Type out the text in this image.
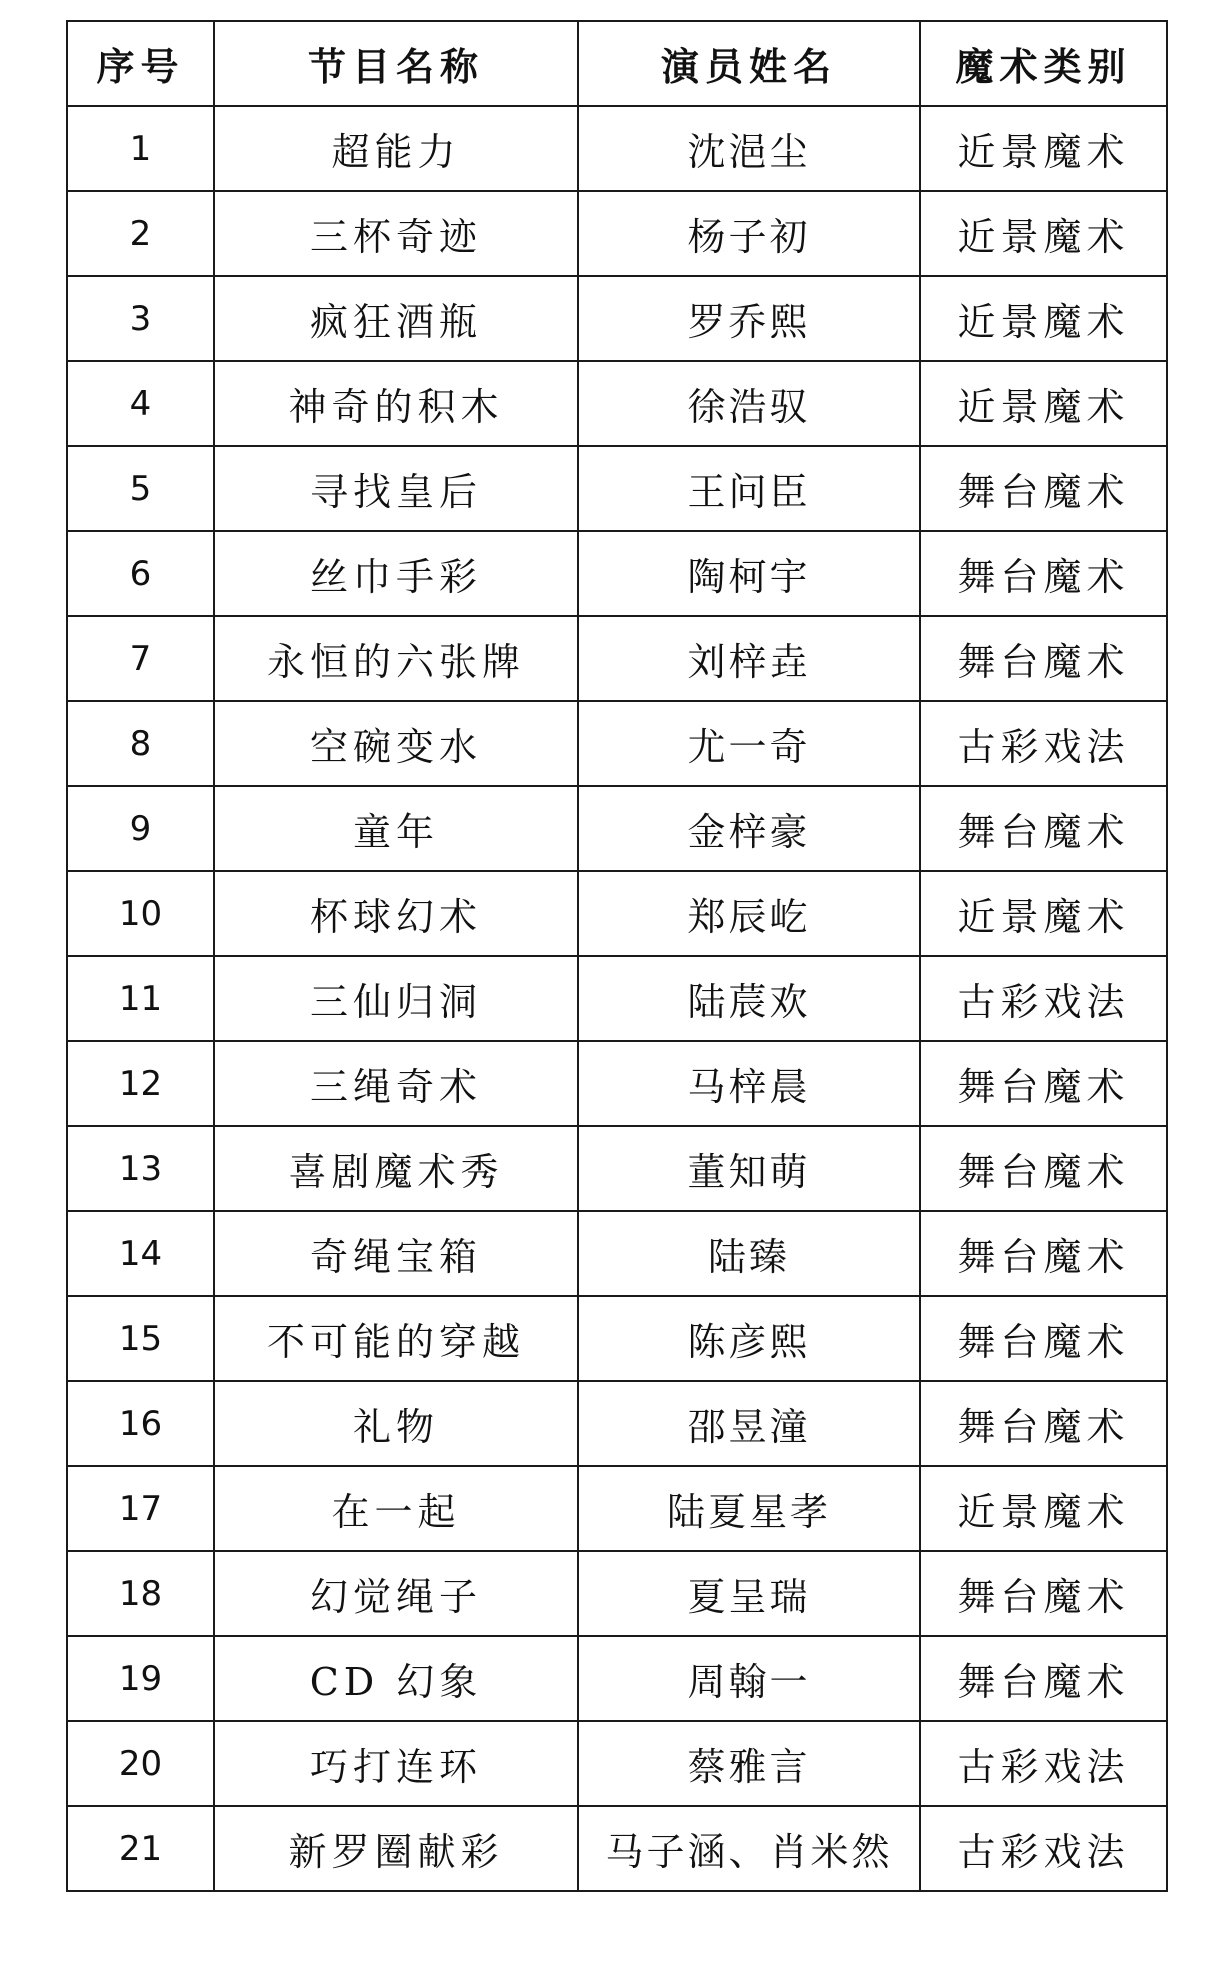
序号	节目名称	演员姓名	魔术类别
1	超能力	沈浥尘	近景魔术
2	三杯奇迹	杨子初	近景魔术
3	疯狂酒瓶	罗乔熙	近景魔术
4	神奇的积木	徐浩驭	近景魔术
5	寻找皇后	王问臣	舞台魔术
6	丝巾手彩	陶柯宇	舞台魔术
7	永恒的六张牌	刘梓垚	舞台魔术
8	空碗变水	尤一奇	古彩戏法
9	童年	金梓豪	舞台魔术
10	杯球幻术	郑辰屹	近景魔术
11	三仙归洞	陆莀欢	古彩戏法
12	三绳奇术	马梓晨	舞台魔术
13	喜剧魔术秀	董知萌	舞台魔术
14	奇绳宝箱	陆臻	舞台魔术
15	不可能的穿越	陈彦熙	舞台魔术
16	礼物	邵昱潼	舞台魔术
17	在一起	陆夏星孝	近景魔术
18	幻觉绳子	夏呈瑞	舞台魔术
19	CD 幻象	周翰一	舞台魔术
20	巧打连环	蔡雅言	古彩戏法
21	新罗圈献彩	马子涵、肖米然	古彩戏法
